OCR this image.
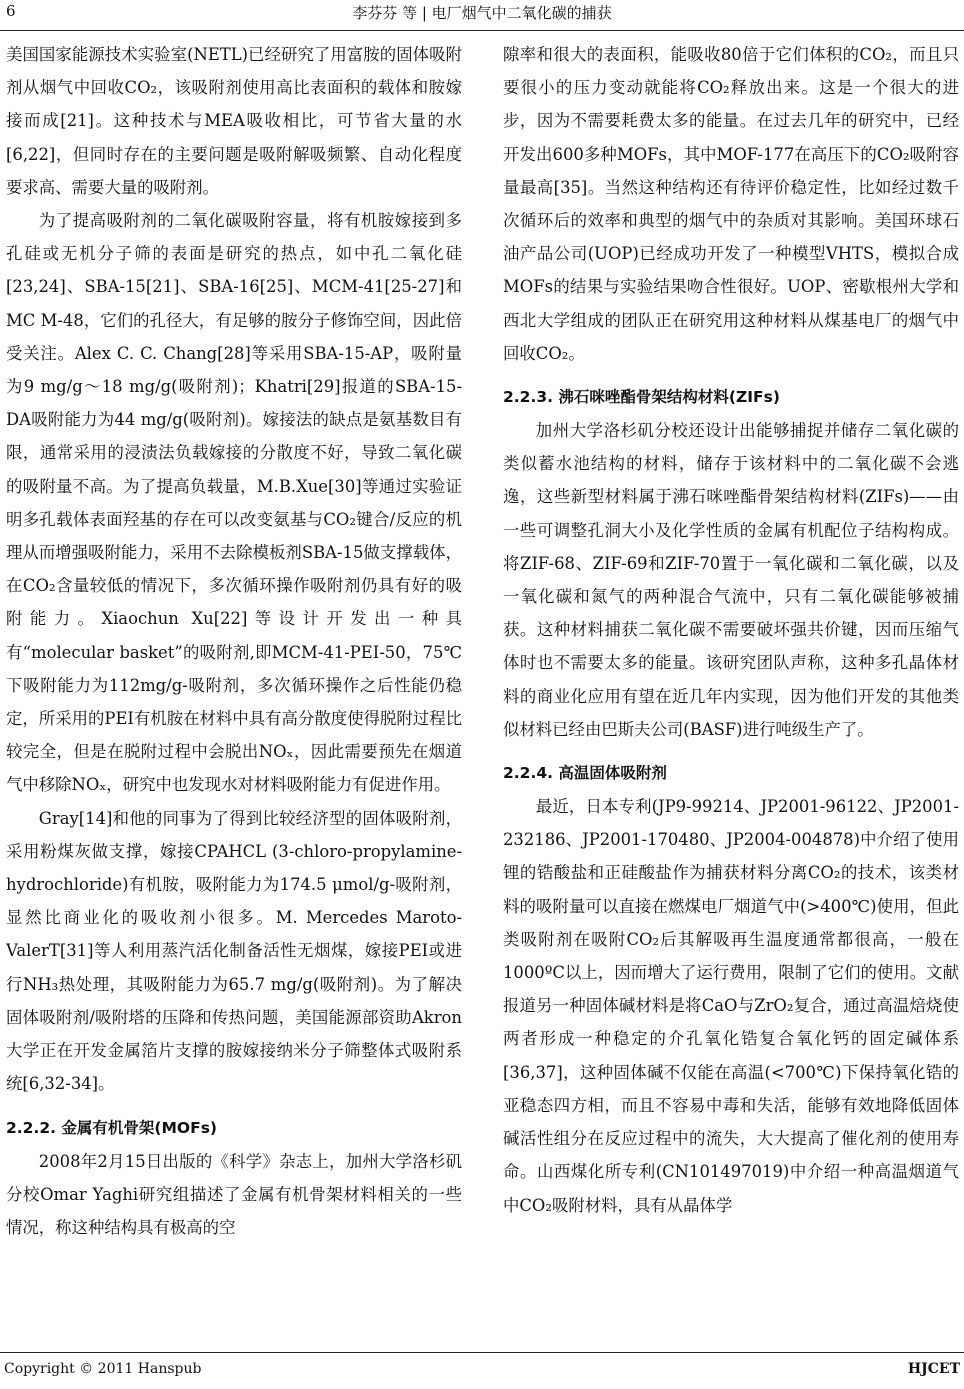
6	李芬芬 等 | 电厂烟气中二氧化碳的捕获

美国国家能源技术实验室(NETL)已经研究了用富胺的固体吸附剂从烟气中回收CO₂，该吸附剂使用高比表面积的载体和胺嫁接而成[21]。这种技术与MEA吸收相比，可节省大量的水[6,22]，但同时存在的主要问题是吸附解吸频繁、自动化程度要求高、需要大量的吸附剂。

为了提高吸附剂的二氧化碳吸附容量，将有机胺嫁接到多孔硅或无机分子筛的表面是研究的热点，如中孔二氧化硅[23,24]、SBA-15[21]、SBA-16[25]、MCM-41[25-27]和MC M-48，它们的孔径大，有足够的胺分子修饰空间，因此倍受关注。Alex C. C. Chang[28]等采用SBA-15-AP，吸附量为9 mg/g～18 mg/g(吸附剂)；Khatri[29]报道的SBA-15-DA吸附能力为44 mg/g(吸附剂)。嫁接法的缺点是氨基数目有限，通常采用的浸渍法负载嫁接的分散度不好，导致二氧化碳的吸附量不高。为了提高负载量，M.B.Xue[30]等通过实验证明多孔载体表面羟基的存在可以改变氨基与CO₂键合/反应的机理从而增强吸附能力，采用不去除模板剂SBA-15做支撑载体，在CO₂含量较低的情况下，多次循环操作吸附剂仍具有好的吸附能力。Xiaochun Xu[22]等设计开发出一种具有“molecular basket”的吸附剂,即MCM-41-PEI-50，75℃下吸附能力为112mg/g-吸附剂，多次循环操作之后性能仍稳定，所采用的PEI有机胺在材料中具有高分散度使得脱附过程比较完全，但是在脱附过程中会脱出NOₓ，因此需要预先在烟道气中移除NOₓ，研究中也发现水对材料吸附能力有促进作用。

Gray[14]和他的同事为了得到比较经济型的固体吸附剂，采用粉煤灰做支撑，嫁接CPAHCL (3-chloro-propylamine-hydrochloride)有机胺，吸附能力为174.5 μmol/g-吸附剂，显然比商业化的吸收剂小很多。M. Mercedes Maroto-ValerT[31]等人利用蒸汽活化制备活性无烟煤，嫁接PEI或进行NH₃热处理，其吸附能力为65.7 mg/g(吸附剂)。为了解决固体吸附剂/吸附塔的压降和传热问题，美国能源部资助Akron大学正在开发金属箔片支撑的胺嫁接纳米分子筛整体式吸附系统[6,32-34]。

2.2.2. 金属有机骨架(MOFs)

2008年2月15日出版的《科学》杂志上，加州大学洛杉矶分校Omar Yaghi研究组描述了金属有机骨架材料相关的一些情况，称这种结构具有极高的空

隙率和很大的表面积，能吸收80倍于它们体积的CO₂，而且只要很小的压力变动就能将CO₂释放出来。这是一个很大的进步，因为不需要耗费太多的能量。在过去几年的研究中，已经开发出600多种MOFs，其中MOF-177在高压下的CO₂吸附容量最高[35]。当然这种结构还有待评价稳定性，比如经过数千次循环后的效率和典型的烟气中的杂质对其影响。美国环球石油产品公司(UOP)已经成功开发了一种模型VHTS，模拟合成MOFs的结果与实验结果吻合性很好。UOP、密歇根州大学和西北大学组成的团队正在研究用这种材料从煤基电厂的烟气中回收CO₂。

2.2.3. 沸石咪唑酯骨架结构材料(ZIFs)

加州大学洛杉矶分校还设计出能够捕捉并储存二氧化碳的类似蓄水池结构的材料，储存于该材料中的二氧化碳不会逃逸，这些新型材料属于沸石咪唑酯骨架结构材料(ZIFs)——由一些可调整孔洞大小及化学性质的金属有机配位子结构构成。将ZIF-68、ZIF-69和ZIF-70置于一氧化碳和二氧化碳，以及一氧化碳和氮气的两种混合气流中，只有二氧化碳能够被捕获。这种材料捕获二氧化碳不需要破坏强共价键，因而压缩气体时也不需要太多的能量。该研究团队声称，这种多孔晶体材料的商业化应用有望在近几年内实现，因为他们开发的其他类似材料已经由巴斯夫公司(BASF)进行吨级生产了。

2.2.4. 高温固体吸附剂

最近，日本专利(JP9-99214、JP2001-96122、JP2001-232186、JP2001-170480、JP2004-004878)中介绍了使用锂的锆酸盐和正硅酸盐作为捕获材料分离CO₂的技术，该类材料的吸附量可以直接在燃煤电厂烟道气中(>400℃)使用，但此类吸附剂在吸附CO₂后其解吸再生温度通常都很高，一般在1000ºC以上，因而增大了运行费用，限制了它们的使用。文献报道另一种固体碱材料是将CaO与ZrO₂复合，通过高温焙烧使两者形成一种稳定的介孔氧化锆复合氧化钙的固定碱体系[36,37]，这种固体碱不仅能在高温(<700℃)下保持氧化锆的亚稳态四方相，而且不容易中毒和失活，能够有效地降低固体碱活性组分在反应过程中的流失，大大提高了催化剂的使用寿命。山西煤化所专利(CN101497019)中介绍一种高温烟道气中CO₂吸附材料，具有从晶体学

Copyright © 2011 Hanspub	HJCET
